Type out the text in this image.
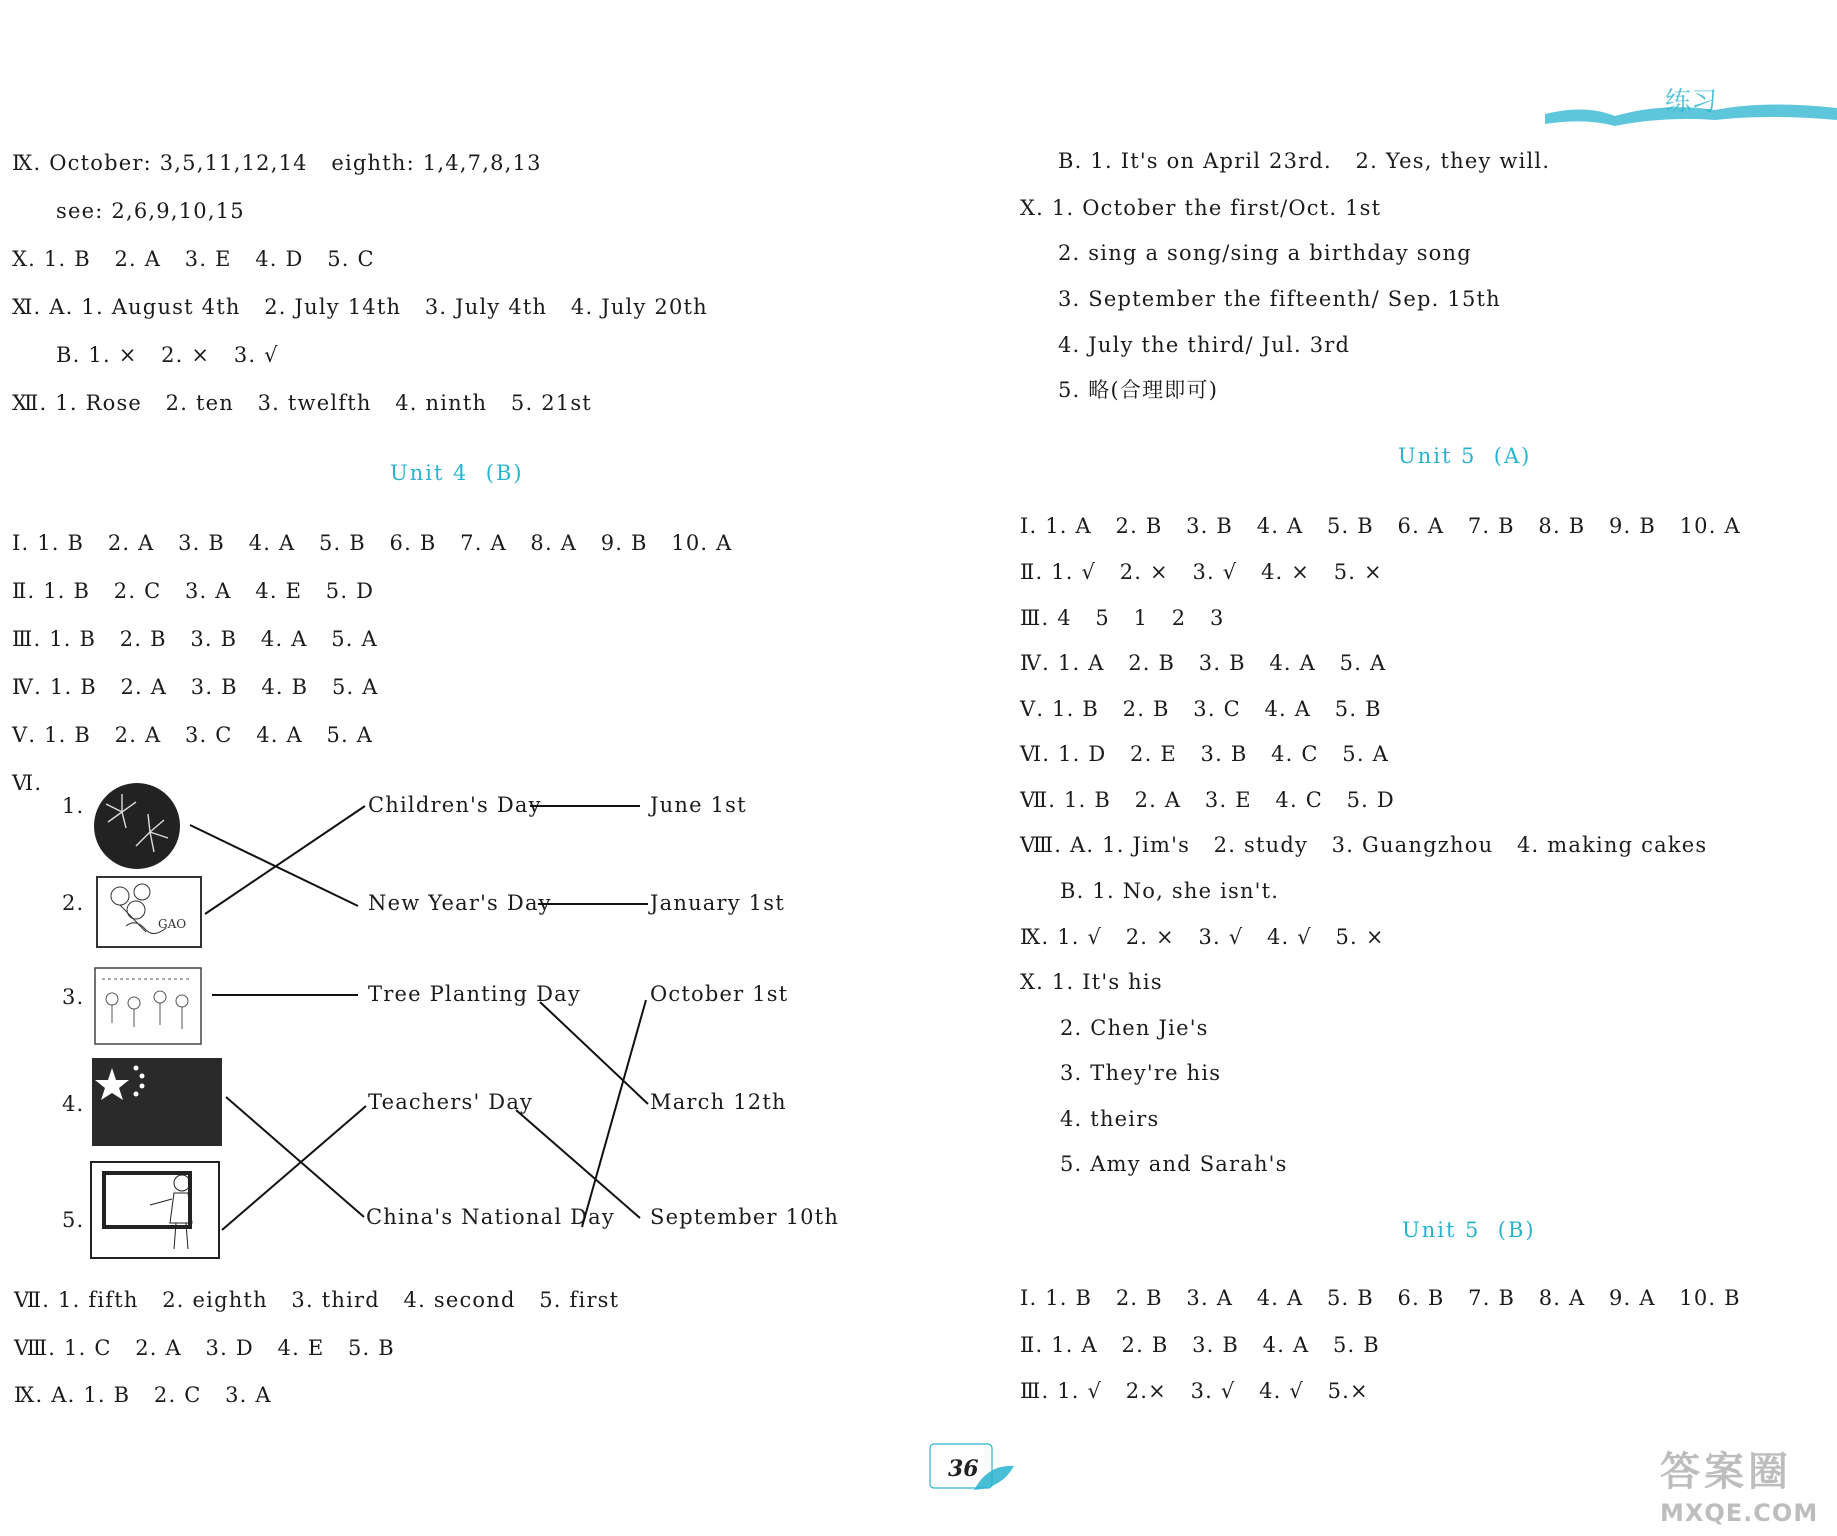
练习
Ⅸ. October: 3,5,11,12,14   eighth: 1,4,7,8,13
see: 2,6,9,10,15
Ⅹ. 1. B   2. A   3. E   4. D   5. C
Ⅺ. A. 1. August 4th   2. July 14th   3. July 4th   4. July 20th
B. 1. ×   2. ×   3. √
Ⅻ. 1. Rose   2. ten   3. twelfth   4. ninth   5. 21st
Unit 4  (B)
Ⅰ. 1. B   2. A   3. B   4. A   5. B   6. B   7. A   8. A   9. B   10. A
Ⅱ. 1. B   2. C   3. A   4. E   5. D
Ⅲ. 1. B   2. B   3. B   4. A   5. A
Ⅳ. 1. B   2. A   3. B   4. B   5. A
Ⅴ. 1. B   2. A   3. C   4. A   5. A
Ⅵ.
1.
2.
3.
4.
5.
GAO
Children's Day
New Year's Day
Tree Planting Day
Teachers' Day
China's National Day
June 1st
January 1st
October 1st
March 12th
September 10th
Ⅶ. 1. fifth   2. eighth   3. third   4. second   5. first
Ⅷ. 1. C   2. A   3. D   4. E   5. B
Ⅸ. A. 1. B   2. C   3. A
B. 1. It's on April 23rd.   2. Yes, they will.
Ⅹ. 1. October the first/Oct. 1st
2. sing a song/sing a birthday song
3. September the fifteenth/ Sep. 15th
4. July the third/ Jul. 3rd
5. 略(合理即可)
Unit 5  (A)
Ⅰ. 1. A   2. B   3. B   4. A   5. B   6. A   7. B   8. B   9. B   10. A
Ⅱ. 1. √   2. ×   3. √   4. ×   5. ×
Ⅲ. 4   5   1   2   3
Ⅳ. 1. A   2. B   3. B   4. A   5. A
Ⅴ. 1. B   2. B   3. C   4. A   5. B
Ⅵ. 1. D   2. E   3. B   4. C   5. A
Ⅶ. 1. B   2. A   3. E   4. C   5. D
Ⅷ. A. 1. Jim's   2. study   3. Guangzhou   4. making cakes
B. 1. No, she isn't.
Ⅸ. 1. √   2. ×   3. √   4. √   5. ×
Ⅹ. 1. It's his
2. Chen Jie's
3. They're his
4. theirs
5. Amy and Sarah's
Unit 5  (B)
Ⅰ. 1. B   2. B   3. A   4. A   5. B   6. B   7. B   8. A   9. A   10. B
Ⅱ. 1. A   2. B   3. B   4. A   5. B
Ⅲ. 1. √   2.×   3. √   4. √   5.×
36	答案圈
MXQE.COM
